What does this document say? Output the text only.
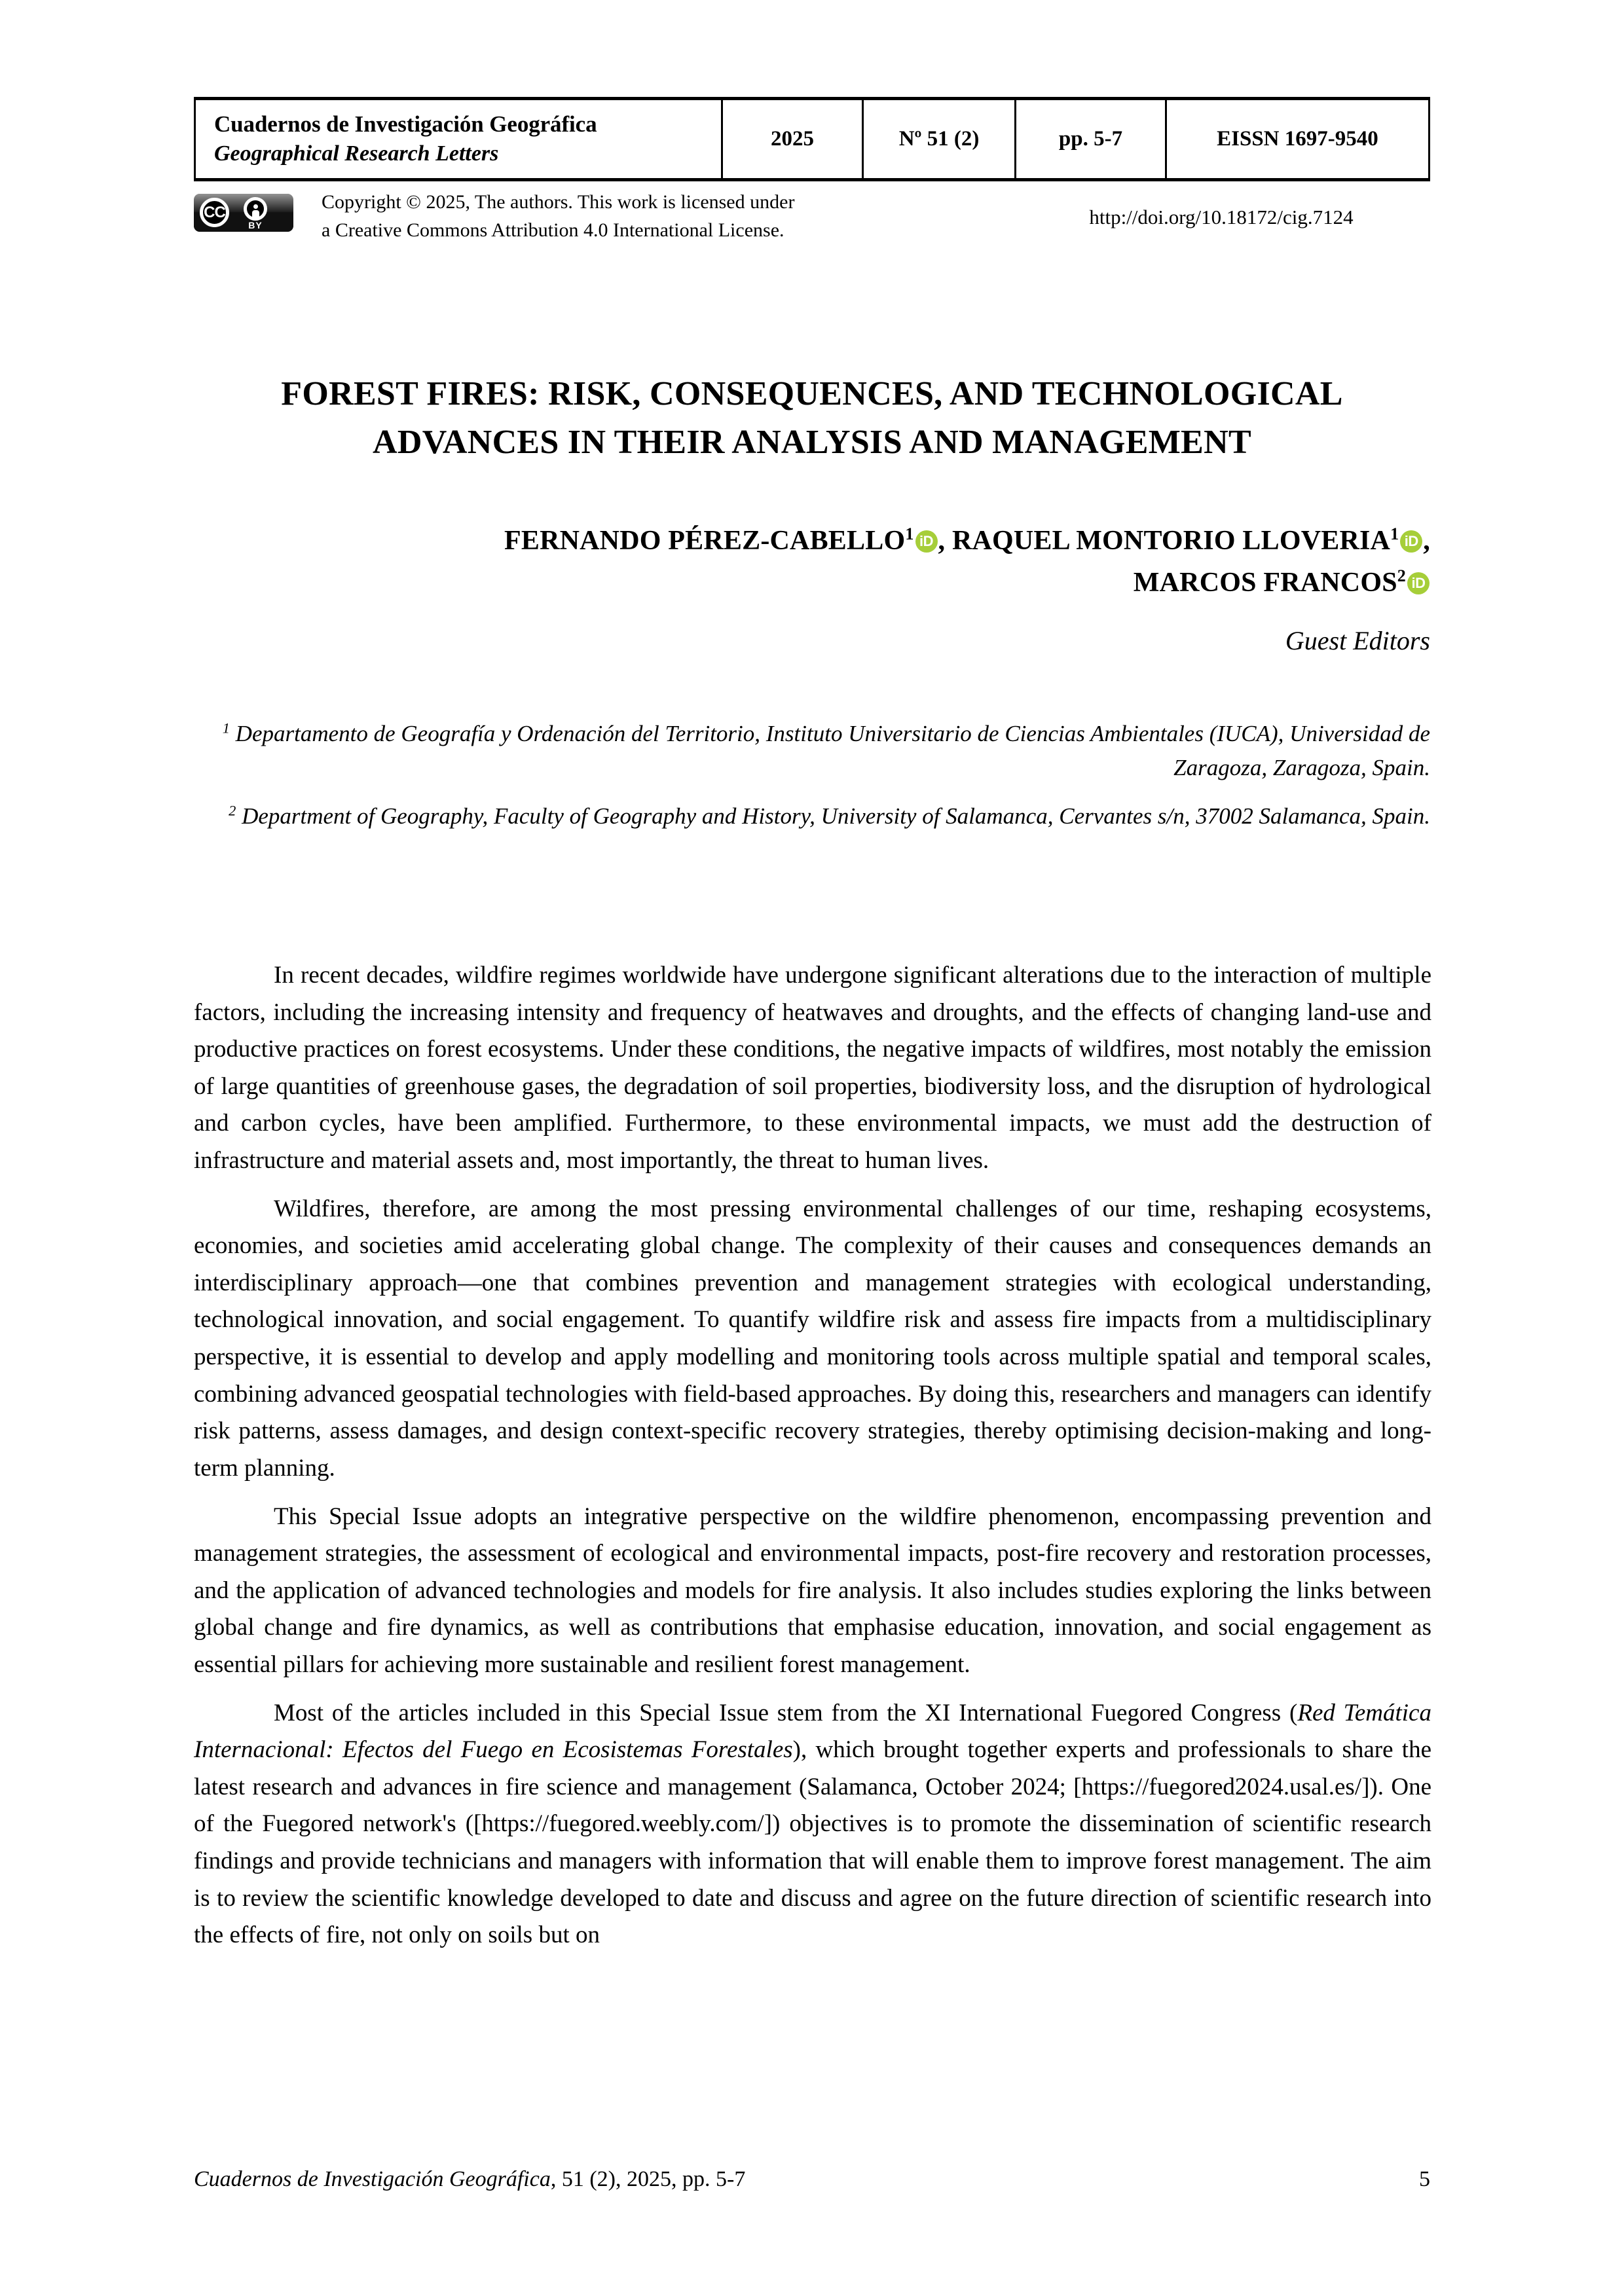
Cuadernos de Investigación Geográfica
Geographical Research Letters
	2025	Nº 51 (2)	pp. 5-7	EISSN 1697-9540
CC
BY
Copyright © 2025, The authors. This work is licensed under
a Creative Commons Attribution 4.0 International License.
http://doi.org/10.18172/cig.7124
FOREST FIRES: RISK, CONSEQUENCES, AND TECHNOLOGICAL
ADVANCES IN THEIR ANALYSIS AND MANAGEMENT
FERNANDO PÉREZ-CABELLO$^1$ iD , RAQUEL MONTORIO LLOVERIA$^1$ iD ,
MARCOS FRANCOS$^2$ iD
Guest Editors
$^1$ Departamento de Geografía y Ordenación del Territorio, Instituto Universitario de Ciencias Ambientales (IUCA), Universidad de Zaragoza, Zaragoza, Spain.
$^2$ Department of Geography, Faculty of Geography and History, University of Salamanca, Cervantes s/n, 37002 Salamanca, Spain.

In recent decades, wildfire regimes worldwide have undergone significant alterations due to the interaction of multiple factors, including the increasing intensity and frequency of heatwaves and droughts, and the effects of changing land-use and productive practices on forest ecosystems. Under these conditions, the negative impacts of wildfires, most notably the emission of large quantities of greenhouse gases, the degradation of soil properties, biodiversity loss, and the disruption of hydrological and carbon cycles, have been amplified. Furthermore, to these environmental impacts, we must add the destruction of infrastructure and material assets and, most importantly, the threat to human lives.

Wildfires, therefore, are among the most pressing environmental challenges of our time, reshaping ecosystems, economies, and societies amid accelerating global change. The complexity of their causes and consequences demands an interdisciplinary approach—one that combines prevention and management strategies with ecological understanding, technological innovation, and social engagement. To quantify wildfire risk and assess fire impacts from a multidisciplinary perspective, it is essential to develop and apply modelling and monitoring tools across multiple spatial and temporal scales, combining advanced geospatial technologies with field-based approaches. By doing this, researchers and managers can identify risk patterns, assess damages, and design context-specific recovery strategies, thereby optimising decision-making and long-term planning.

This Special Issue adopts an integrative perspective on the wildfire phenomenon, encompassing prevention and management strategies, the assessment of ecological and environmental impacts, post-fire recovery and restoration processes, and the application of advanced technologies and models for fire analysis. It also includes studies exploring the links between global change and fire dynamics, as well as contributions that emphasise education, innovation, and social engagement as essential pillars for achieving more sustainable and resilient forest management.

Most of the articles included in this Special Issue stem from the XI International Fuegored Congress (Red Temática Internacional: Efectos del Fuego en Ecosistemas Forestales), which brought together experts and professionals to share the latest research and advances in fire science and management (Salamanca, October 2024; [https://fuegored2024.usal.es/]). One of the Fuegored network's ([https://fuegored.weebly.com/]) objectives is to promote the dissemination of scientific research findings and provide technicians and managers with information that will enable them to improve forest management. The aim is to review the scientific knowledge developed to date and discuss and agree on the future direction of scientific research into the effects of fire, not only on soils but on

Cuadernos de Investigación Geográfica, 51 (2), 2025, pp. 5-7	5
